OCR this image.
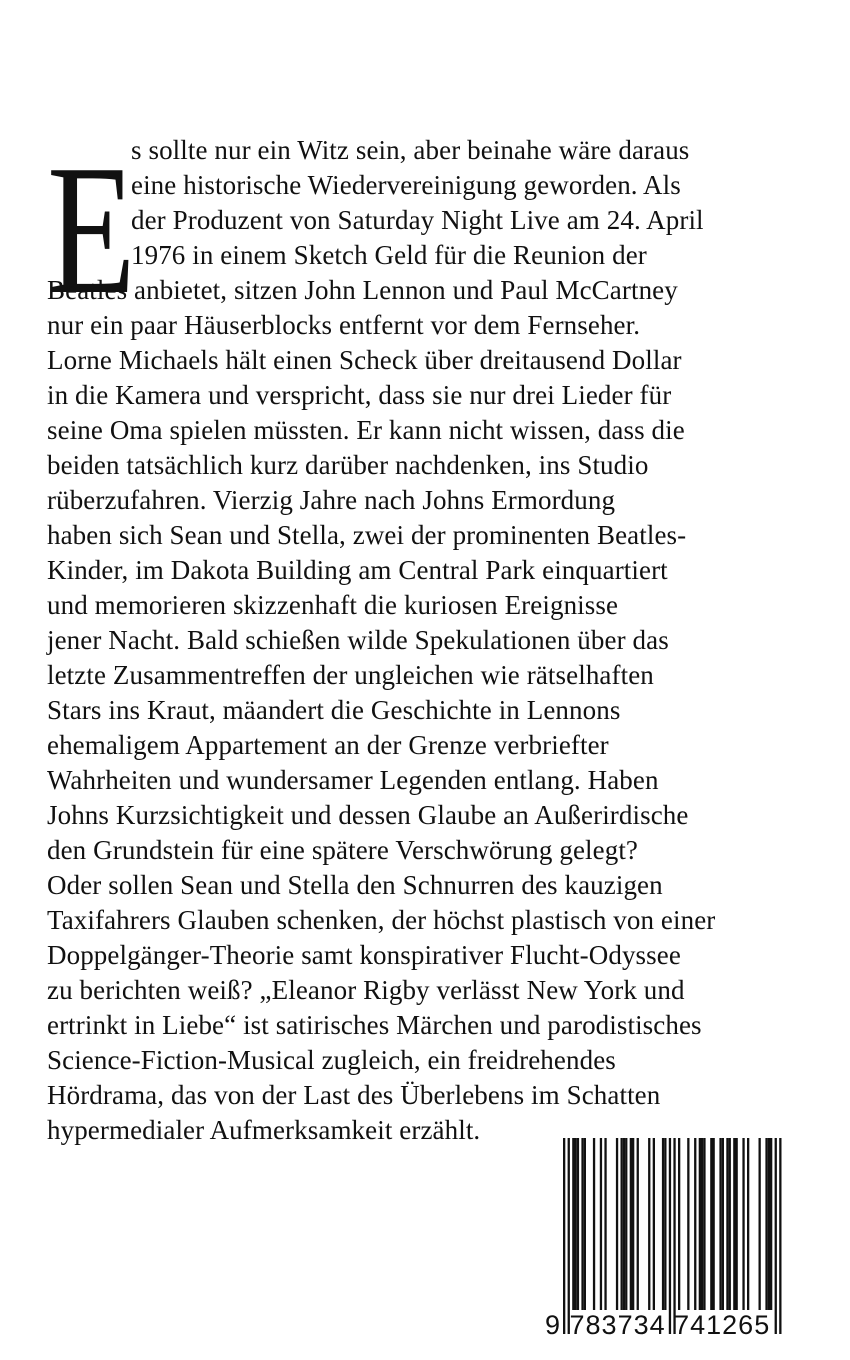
E
s sollte nur ein Witz sein, aber beinahe wäre daraus
eine historische Wiedervereinigung geworden. Als
der Produzent von Saturday Night Live am 24. April
1976 in einem Sketch Geld für die Reunion der
Beatles anbietet, sitzen John Lennon und Paul McCartney
nur ein paar Häuserblocks entfernt vor dem Fernseher.
Lorne Michaels hält einen Scheck über dreitausend Dollar
in die Kamera und verspricht, dass sie nur drei Lieder für
seine Oma spielen müssten. Er kann nicht wissen, dass die
beiden tatsächlich kurz darüber nachdenken, ins Studio
rüberzufahren. Vierzig Jahre nach Johns Ermordung
haben sich Sean und Stella, zwei der prominenten Beatles-
Kinder, im Dakota Building am Central Park einquartiert
und memorieren skizzenhaft die kuriosen Ereignisse
jener Nacht. Bald schießen wilde Spekulationen über das
letzte Zusammentreffen der ungleichen wie rätselhaften
Stars ins Kraut, mäandert die Geschichte in Lennons
ehemaligem Appartement an der Grenze verbriefter
Wahrheiten und wundersamer Legenden entlang. Haben
Johns Kurzsichtigkeit und dessen Glaube an Außerirdische
den Grundstein für eine spätere Verschwörung gelegt?
Oder sollen Sean und Stella den Schnurren des kauzigen
Taxifahrers Glauben schenken, der höchst plastisch von einer
Doppelgänger-Theorie samt konspirativer Flucht-Odyssee
zu berichten weiß? „Eleanor Rigby verlässt New York und
ertrinkt in Liebe“ ist satirisches Märchen und parodistisches
Science-Fiction-Musical zugleich, ein freidrehendes
Hördrama, das von der Last des Überlebens im Schatten
hypermedialer Aufmerksamkeit erzählt.
9 783734 741265
